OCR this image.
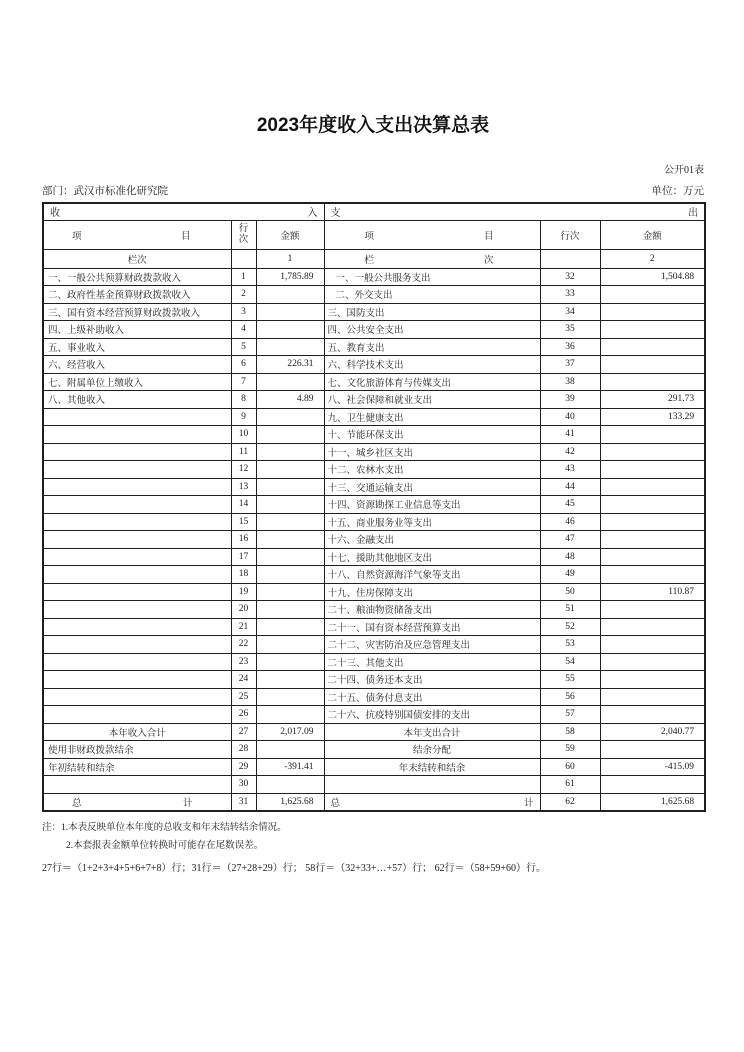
2023年度收入支出决算总表
公开01表
部门：武汉市标准化研究院	单位：万元
收 入			支 出		

项 目	行次	金额	项 目	行次	金额
栏次		1	栏 次		2
一、一般公共预算财政拨款收入	1	1,785.89	一、一般公共服务支出	32	1,504.88
二、政府性基金预算财政拨款收入	2		二、外交支出	33	
三、国有资本经营预算财政拨款收入	3		三、国防支出	34	
四、上级补助收入	4		四、公共安全支出	35	
五、事业收入	5		五、教育支出	36	
六、经营收入	6	226.31	六、科学技术支出	37	
七、附属单位上缴收入	7		七、文化旅游体育与传媒支出	38	
八、其他收入	8	4.89	八、社会保障和就业支出	39	291.73
	9		九、卫生健康支出	40	133.29
	10		十、节能环保支出	41	
	11		十一、城乡社区支出	42	
	12		十二、农林水支出	43	
	13		十三、交通运输支出	44	
	14		十四、资源勘探工业信息等支出	45	
	15		十五、商业服务业等支出	46	
	16		十六、金融支出	47	
	17		十七、援助其他地区支出	48	
	18		十八、自然资源海洋气象等支出	49	
	19		十九、住房保障支出	50	110.87
	20		二十、粮油物资储备支出	51	
	21		二十一、国有资本经营预算支出	52	
	22		二十二、灾害防治及应急管理支出	53	
	23		二十三、其他支出	54	
	24		二十四、债务还本支出	55	
	25		二十五、债务付息支出	56	
	26		二十六、抗疫特别国债安排的支出	57	
本年收入合计	27	2,017.09	本年支出合计	58	2,040.77
使用非财政拨款结余	28		结余分配	59	
年初结转和结余	29	-391.41	年末结转和结余	60	-415.09
	30			61	

总 计	31	1,625.68	总 计	62	1,625.68
注：1.本表反映单位本年度的总收支和年末结转结余情况。
2.本套报表金额单位转换时可能存在尾数误差。
27行＝（1+2+3+4+5+6+7+8）行；31行＝（27+28+29）行； 58行＝（32+33+…+57）行； 62行＝（58+59+60）行。
